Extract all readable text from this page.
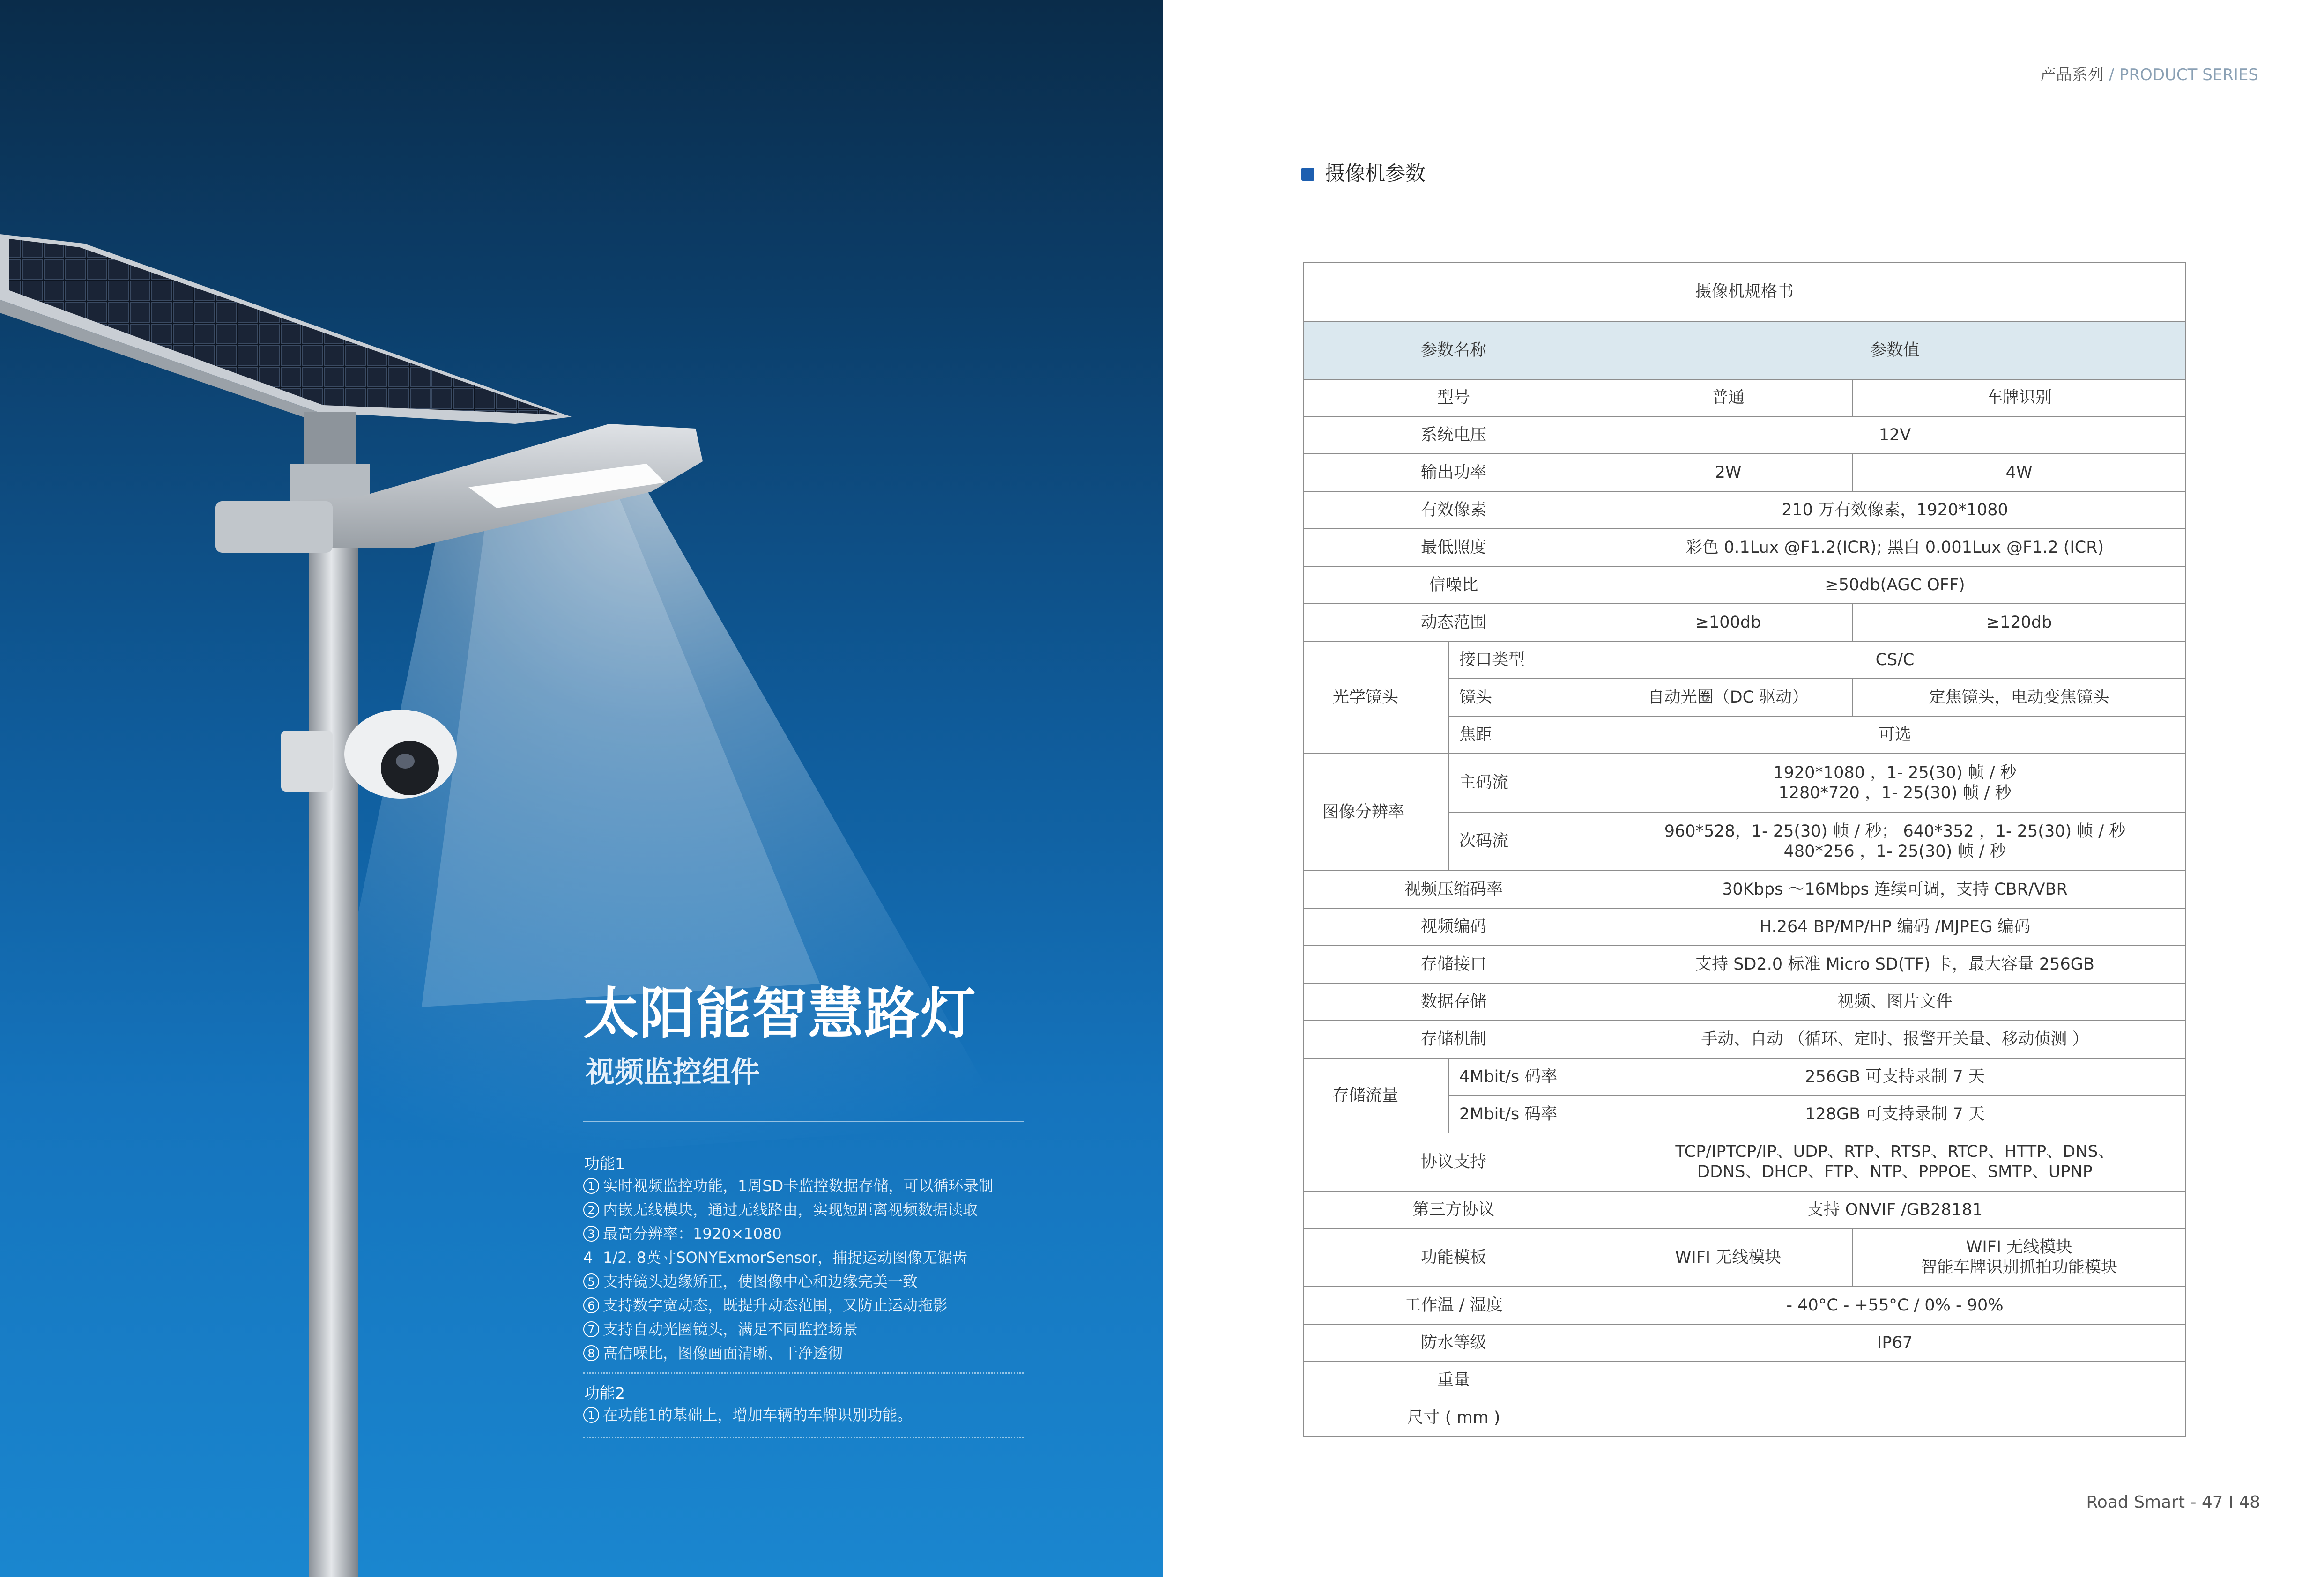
太阳能智慧路灯
视频监控组件

功能1

1 实时视频监控功能，1周SD卡监控数据存储，可以循环录制
2 内嵌无线模块，通过无线路由，实现短距离视频数据读取
3 最高分辨率：1920×1080
4 1/2. 8英寸SONYExmorSensor，捕捉运动图像无锯齿
5 支持镜头边缘矫正，使图像中心和边缘完美一致
6 支持数字宽动态，既提升动态范围，又防止运动拖影
7 支持自动光圈镜头，满足不同监控场景
8 高信噪比，图像画面清晰、干净透彻

功能2

1 在功能1的基础上，增加车辆的车牌识别功能。
产品系列 / PRODUCT SERIES
摄像机参数
摄像机规格书			
参数名称		参数值	
型号		普通	车牌识别
系统电压		12V	
输出功率		2W	4W
有效像素		210 万有效像素，1920*1080	
最低照度		彩色 0.1Lux @F1.2(ICR); 黑白 0.001Lux @F1.2 (ICR)	
信噪比		≥50db(AGC OFF)	
动态范围		≥100db	≥120db
光学镜头	接口类型	CS/C	
	镜头	自动光圈（DC 驱动）	定焦镜头，电动变焦镜头
	焦距	可选	
图像分辨率	主码流	1920*1080 ，1- 25(30) 帧 / 秒
1280*720 ，1- 25(30) 帧 / 秒	

	次码流	960*528，1- 25(30) 帧 / 秒； 640*352 ，1- 25(30) 帧 / 秒
480*256 ，1- 25(30) 帧 / 秒	

视频压缩码率		30Kbps ～16Mbps 连续可调，支持 CBR/VBR	
视频编码		H.264 BP/MP/HP 编码 /MJPEG 编码	
存储接口		支持 SD2.0 标准 Micro SD(TF) 卡，最大容量 256GB	
数据存储		视频、图片文件	
存储机制		手动、自动 （循环、定时、报警开关量、移动侦测 ）	
存储流量	4Mbit/s 码率	256GB 可支持录制 7 天	
	2Mbit/s 码率	128GB 可支持录制 7 天	
协议支持		TCP/IPTCP/IP、UDP、RTP、RTSP、RTCP、HTTP、DNS、
DDNS、DHCP、FTP、NTP、PPPOE、SMTP、UPNP	

第三方协议		支持 ONVIF /GB28181	
功能模板		WIFI 无线模块	WIFI 无线模块
智能车牌识别抓拍功能模块

工作温 / 湿度		- 40°C - +55°C / 0% - 90%	
防水等级		IP67	
重量			
尺寸 ( mm )			
Road Smart - 47 I 48
